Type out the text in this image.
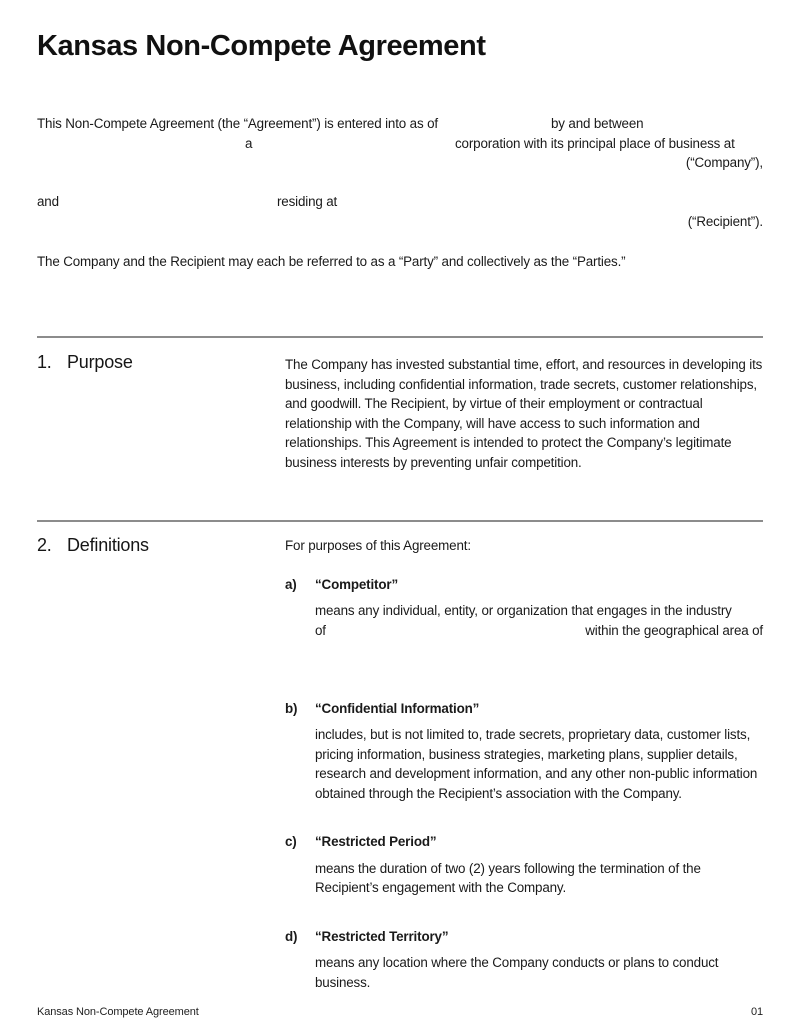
Kansas Non-Compete Agreement
This Non-Compete Agreement (the “Agreement”) is entered into as of	by and between
a	corporation with its principal place of business at
(“Company”),
and	residing at
(“Recipient”).
The Company and the Recipient may each be referred to as a “Party” and collectively as the “Parties.”
1. Purpose	The Company has invested substantial time, effort, and resources in developing its business, including confidential information, trade secrets, customer relationships, and goodwill. The Recipient, by virtue of their employment or contractual relationship with the Company, will have access to such information and relationships. This Agreement is intended to protect the Company’s legitimate business interests by preventing unfair competition.
2. Definitions	For purposes of this Agreement:
a)	“Competitor”
means any individual, entity, or organization that engages in the industry
of	within the geographical area of
b)	“Confidential Information”
includes, but is not limited to, trade secrets, proprietary data, customer lists, pricing information, business strategies, marketing plans, supplier details, research and development information, and any other non-public information obtained through the Recipient’s association with the Company.
c)	“Restricted Period”
means the duration of two (2) years following the termination of the Recipient’s engagement with the Company.
d)	“Restricted Territory”
means any location where the Company conducts or plans to conduct business.
Kansas Non-Compete Agreement	01
